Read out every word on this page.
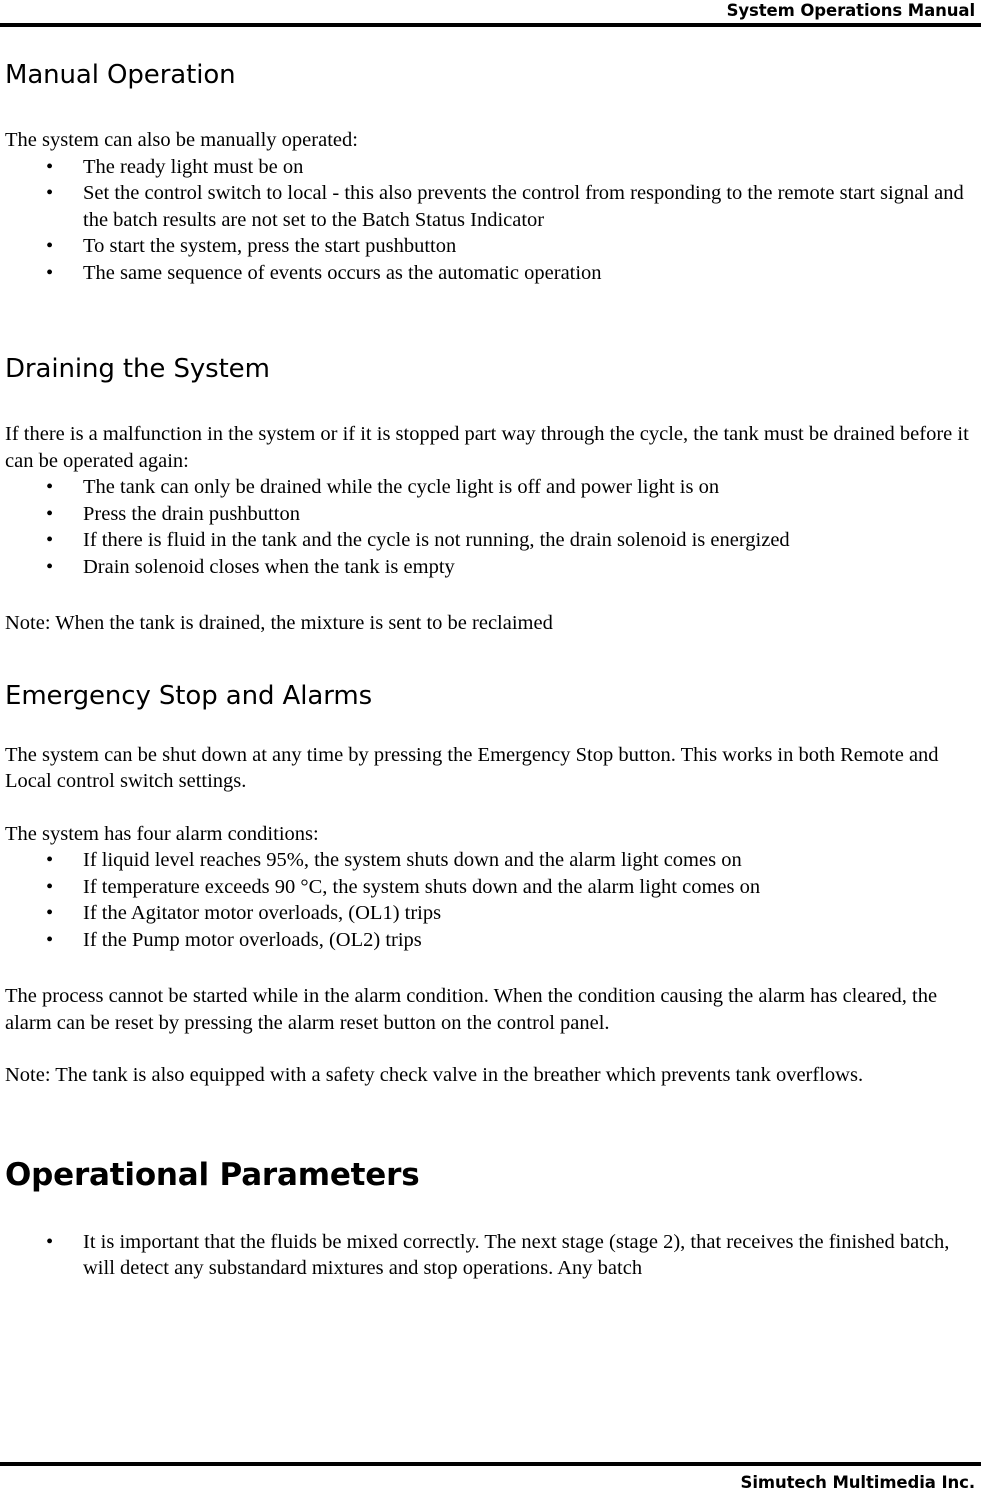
System Operations Manual
Manual Operation

The system can also be manually operated:

• The ready light must be on
• Set the control switch to local - this also prevents the control from responding to the remote start signal and the batch results are not set to the Batch Status Indicator
• To start the system, press the start pushbutton
• The same sequence of events occurs as the automatic operation
Draining the System

If there is a malfunction in the system or if it is stopped part way through the cycle, the tank must be drained before it can be operated again:

• The tank can only be drained while the cycle light is off and power light is on
• Press the drain pushbutton
• If there is fluid in the tank and the cycle is not running, the drain solenoid is energized
• Drain solenoid closes when the tank is empty

Note: When the tank is drained, the mixture is sent to be reclaimed

Emergency Stop and Alarms

The system can be shut down at any time by pressing the Emergency Stop button. This works in both Remote and Local control switch settings.

The system has four alarm conditions:

• If liquid level reaches 95%, the system shuts down and the alarm light comes on
• If temperature exceeds 90 °C, the system shuts down and the alarm light comes on
• If the Agitator motor overloads, (OL1) trips
• If the Pump motor overloads, (OL2) trips

The process cannot be started while in the alarm condition. When the condition causing the alarm has cleared, the alarm can be reset by pressing the alarm reset button on the control panel.

Note: The tank is also equipped with a safety check valve in the breather which prevents tank overflows.

Operational Parameters
• It is important that the fluids be mixed correctly. The next stage (stage 2), that receives the finished batch, will detect any substandard mixtures and stop operations. Any batch
Simutech Multimedia Inc.
